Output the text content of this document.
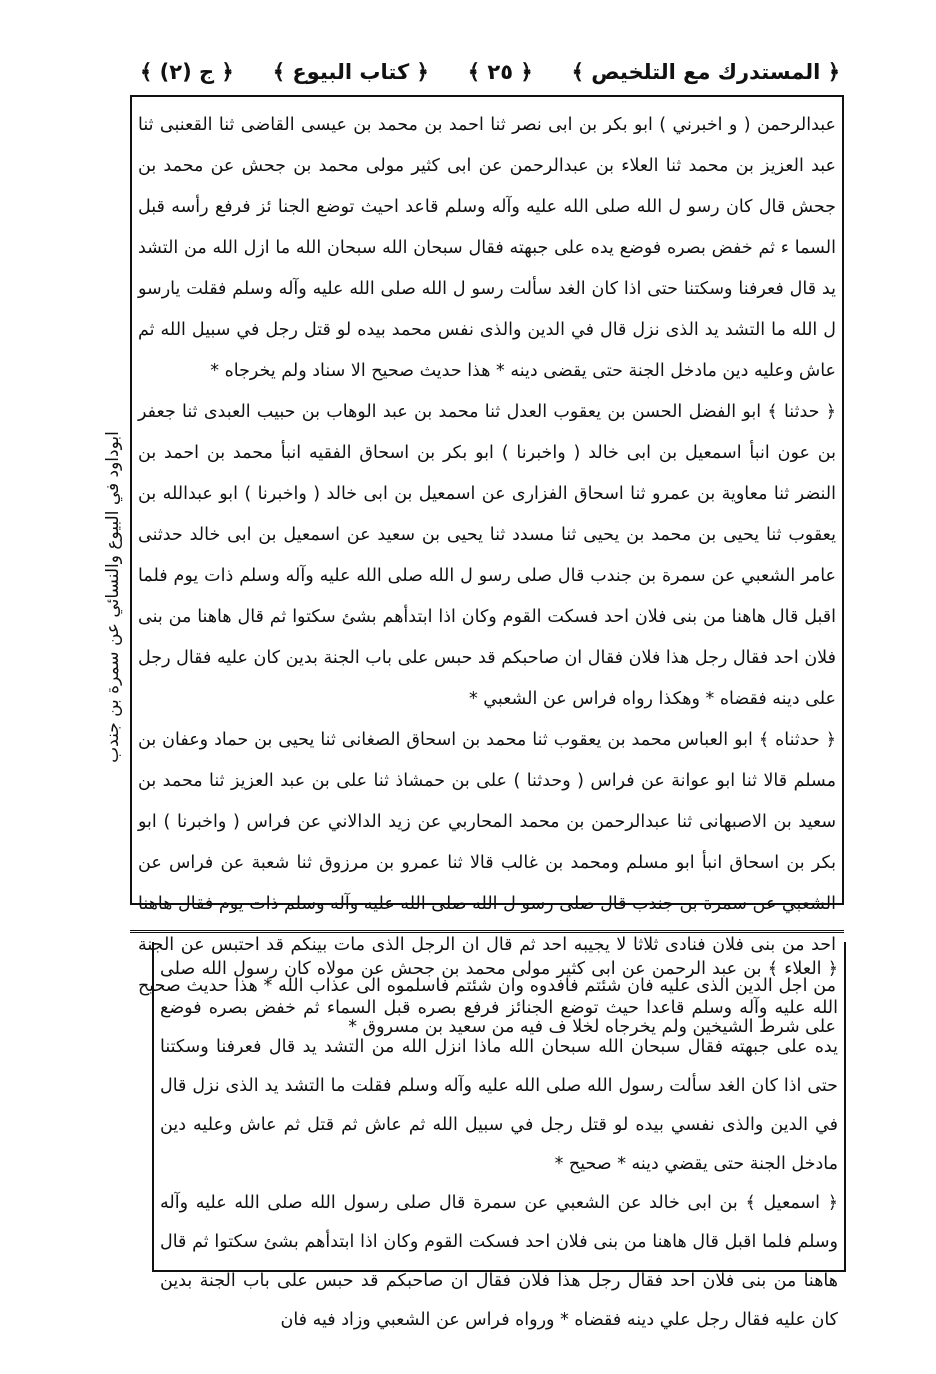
﴿ المستدرك مع التلخيص ﴾
﴿ ٢٥ ﴾
﴿ كتاب البيوع ﴾
﴿ ج (٢) ﴾

عبدالرحمن ( و اخبرني ) ابو بكر بن ابى نصر ثنا احمد بن محمد بن عيسى القاضى ثنا القعنبى ثنا عبد العزيز بن محمد ثنا العلاء بن عبدالرحمن عن ابى كثير مولى محمد بن جحش عن محمد بن جحش قال كان رسو ل الله صلى الله عليه وآله وسلم قاعد احيث توضع الجنا ئز فرفع رأسه قبل السما ء ثم خفض بصره فوضع يده على جبهته فقال سبحان الله سبحان الله ما ازل الله من التشد يد قال فعرفنا وسكتنا حتى اذا كان الغد سألت رسو ل الله صلى الله عليه وآله وسلم فقلت يارسو ل الله ما التشد يد الذى نزل قال في الدين والذى نفس محمد بيده لو قتل رجل في سبيل الله ثم عاش وعليه دين مادخل الجنة حتى يقضى دينه * هذا حديث صحيح الا سناد ولم يخرجاه *

﴿ حدثنا ﴾ ابو الفضل الحسن بن يعقوب العدل ثنا محمد بن عبد الوهاب بن حبيب العبدى ثنا جعفر بن عون انبأ اسمعيل بن ابى خالد ( واخبرنا ) ابو بكر بن اسحاق الفقيه انبأ محمد بن احمد بن النضر ثنا معاوية بن عمرو ثنا اسحاق الفزارى عن اسمعيل بن ابى خالد ( واخبرنا ) ابو عبدالله بن يعقوب ثنا يحيى بن محمد بن يحيى ثنا مسدد ثنا يحيى بن سعيد عن اسمعيل بن ابى خالد حدثنى عامر الشعبي عن سمرة بن جندب قال صلى رسو ل الله صلى الله عليه وآله وسلم ذات يوم فلما اقبل قال هاهنا من بنى فلان احد فسكت القوم وكان اذا ابتدأهم بشئ سكتوا ثم قال هاهنا من بنى فلان احد فقال رجل هذا فلان فقال ان صاحبكم قد حبس على باب الجنة بدين كان عليه فقال رجل على دينه فقضاه * وهكذا رواه فراس عن الشعبي *

﴿ حدثناه ﴾ ابو العباس محمد بن يعقوب ثنا محمد بن اسحاق الصغانى ثنا يحيى بن حماد وعفان بن مسلم قالا ثنا ابو عوانة عن فراس ( وحدثنا ) على بن حمشاذ ثنا على بن عبد العزيز ثنا محمد بن سعيد بن الاصبهانى ثنا عبدالرحمن بن محمد المحاربي عن زيد الدالاني عن فراس ( واخبرنا ) ابو بكر بن اسحاق انبأ ابو مسلم ومحمد بن غالب قالا ثنا عمرو بن مرزوق ثنا شعبة عن فراس عن الشعبي عن سمرة بن جندب قال صلى رسو ل الله صلى الله عليه وآله وسلم ذات يوم فقال هاهنا احد من بنى فلان فنادى ثلاثا لا يجيبه احد ثم قال ان الرجل الذى مات بينكم قد احتبس عن الجنة من اجل الدين الذى عليه فان شئتم فافدوه وان شئتم فاسلموه الى عذاب الله * هذا حديث صحيح على شرط الشيخين ولم يخرجاه لخلا ف فيه من سعيد بن مسروق *

﴿ العلاء ﴾ بن عبد الرحمن عن ابى كثير مولى محمد بن جحش عن مولاه كان رسول الله صلى الله عليه وآله وسلم قاعدا حيث توضع الجنائز فرفع بصره قبل السماء ثم خفض بصره فوضع يده على جبهته فقال سبحان الله سبحان الله ماذا انزل الله من التشد يد قال فعرفنا وسكتنا حتى اذا كان الغد سألت رسول الله صلى الله عليه وآله وسلم فقلت ما التشد يد الذى نزل قال في الدين والذى نفسي بيده لو قتل رجل في سبيل الله ثم عاش ثم قتل ثم عاش وعليه دين مادخل الجنة حتى يقضي دينه * صحيح *

﴿ اسمعيل ﴾ بن ابى خالد عن الشعبي عن سمرة قال صلى رسول الله صلى الله عليه وآله وسلم فلما اقبل قال هاهنا من بنى فلان احد فسكت القوم وكان اذا ابتدأهم بشئ سكتوا ثم قال هاهنا من بنى فلان احد فقال رجل هذا فلان فقال ان صاحبكم قد حبس على باب الجنة بدين كان عليه فقال رجل علي دينه فقضاه * ورواه فراس عن الشعبي وزاد فيه فان

ابوداود في البيوع والنسائي عن سمرة بن جندب
